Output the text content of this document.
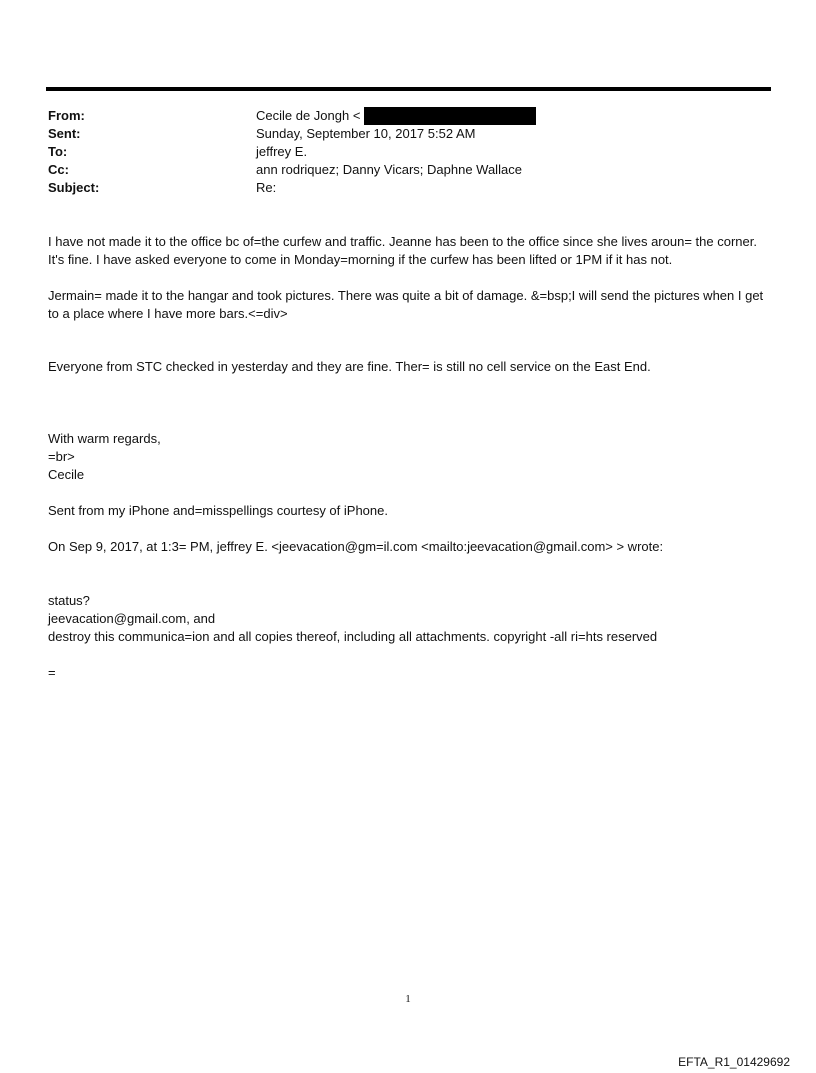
From:	Cecile de Jongh <
Sent:	Sunday, September 10, 2017 5:52 AM
To:	jeffrey E.
Cc:	ann rodriquez; Danny Vicars; Daphne Wallace
Subject:	Re:

I have not made it to the office bc of=the curfew and traffic. Jeanne has been to the office since she lives aroun= the corner. It's fine. I have asked everyone to come in Monday=morning if the curfew has been lifted or 1PM if it has not.

Jermain= made it to the hangar and took pictures. There was quite a bit of damage. &=bsp;I will send the pictures when I get to a place where I have more bars.<=div>

Everyone from STC checked in yesterday and they are fine. Ther= is still no cell service on the East End.

With warm regards,

=br>

Cecile

Sent from my iPhone and=misspellings courtesy of iPhone.

On Sep 9, 2017, at 1:3= PM, jeffrey E. <jeevacation@gm=il.com <mailto:jeevacation@gmail.com> > wrote:

status?

jeevacation@gmail.com, and

destroy this communica=ion and all copies thereof, including all attachments. copyright -all ri=hts reserved

=

1
EFTA_R1_01429692
